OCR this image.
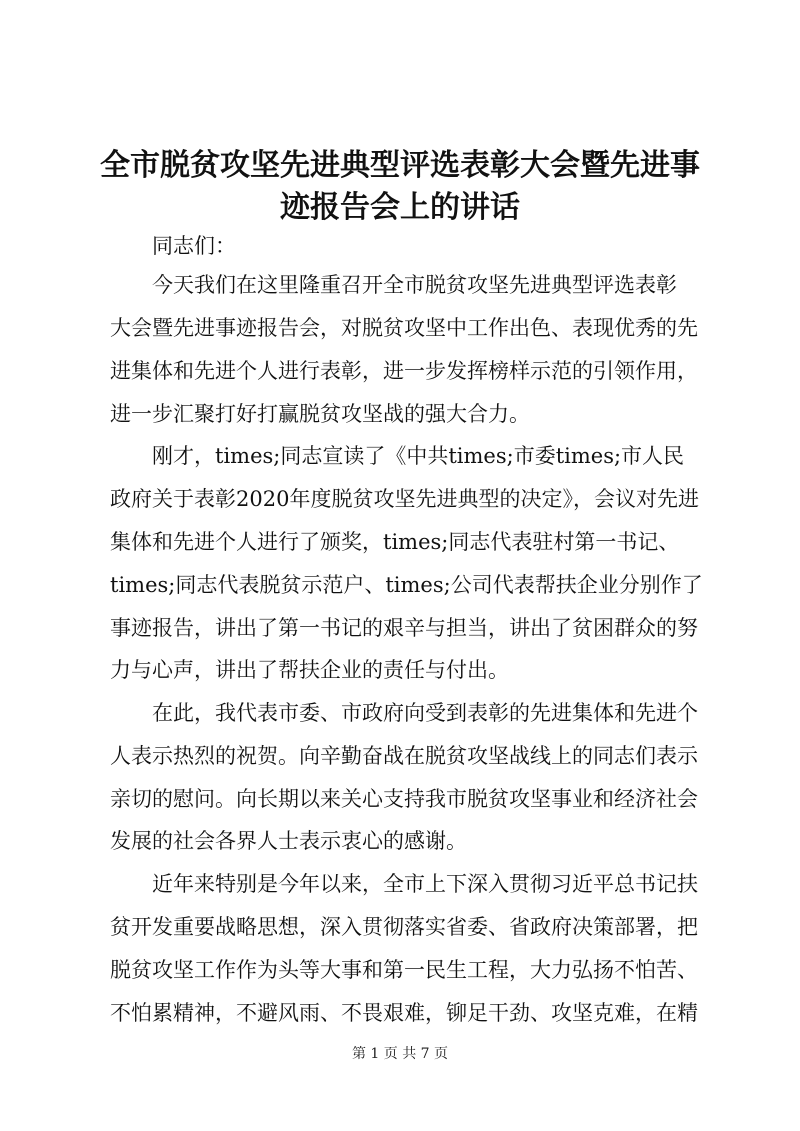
全市脱贫攻坚先进典型评选表彰大会暨先进事
迹报告会上的讲话

同志们：

今天我们在这里隆重召开全市脱贫攻坚先进典型评选表彰

大会暨先进事迹报告会，对脱贫攻坚中工作出色、表现优秀的先

进集体和先进个人进行表彰，进一步发挥榜样示范的引领作用，

进一步汇聚打好打赢脱贫攻坚战的强大合力。

刚才，times;同志宣读了《中共times;市委times;市人民

政府关于表彰2020年度脱贫攻坚先进典型的决定》，会议对先进

集体和先进个人进行了颁奖，times;同志代表驻村第一书记、

times;同志代表脱贫示范户、times;公司代表帮扶企业分别作了

事迹报告，讲出了第一书记的艰辛与担当，讲出了贫困群众的努

力与心声，讲出了帮扶企业的责任与付出。

在此，我代表市委、市政府向受到表彰的先进集体和先进个

人表示热烈的祝贺。向辛勤奋战在脱贫攻坚战线上的同志们表示

亲切的慰问。向长期以来关心支持我市脱贫攻坚事业和经济社会

发展的社会各界人士表示衷心的感谢。

近年来特别是今年以来，全市上下深入贯彻习近平总书记扶

贫开发重要战略思想，深入贯彻落实省委、省政府决策部署，把

脱贫攻坚工作作为头等大事和第一民生工程，大力弘扬不怕苦、

不怕累精神，不避风雨、不畏艰难，铆足干劲、攻坚克难，在精

第 1 页 共 7 页
